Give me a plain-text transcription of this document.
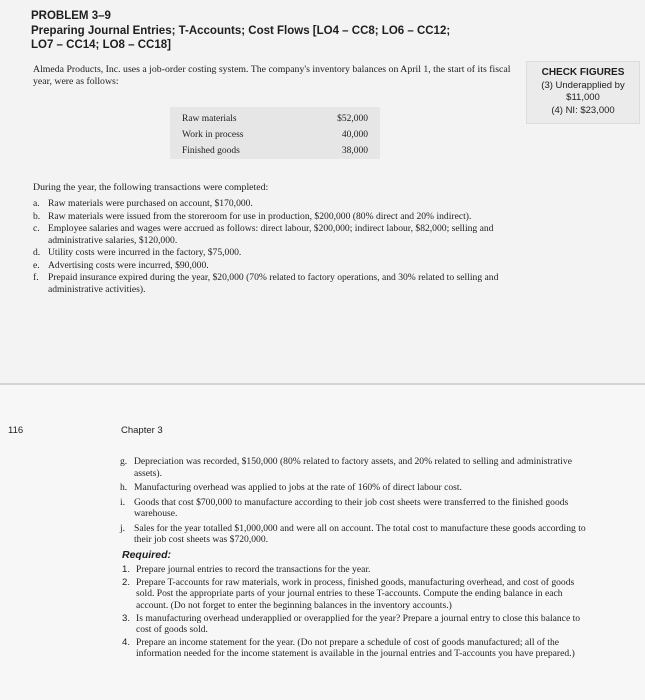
PROBLEM 3–9
Preparing Journal Entries; T-Accounts; Cost Flows [LO4 – CC8; LO6 – CC12;
LO7 – CC14; LO8 – CC18]
Almeda Products, Inc. uses a job-order costing system. The company's inventory balances on April 1, the start of its fiscal year, were as follows:
CHECK FIGURES
(3) Underapplied by
$11,000
(4) NI: $23,000
Raw materials	$52,000
Work in process	40,000
Finished goods	38,000
During the year, the following transactions were completed:
a. Raw materials were purchased on account, $170,000.
b. Raw materials were issued from the storeroom for use in production, $200,000 (80% direct and 20% indirect).
c. Employee salaries and wages were accrued as follows: direct labour, $200,000; indirect labour, $82,000; selling and administrative salaries, $120,000.
d. Utility costs were incurred in the factory, $75,000.
e. Advertising costs were incurred, $90,000.
f. Prepaid insurance expired during the year, $20,000 (70% related to factory operations, and 30% related to selling and administrative activities).
116	Chapter 3
g. Depreciation was recorded, $150,000 (80% related to factory assets, and 20% related to selling and administrative assets).
h. Manufacturing overhead was applied to jobs at the rate of 160% of direct labour cost.
i. Goods that cost $700,000 to manufacture according to their job cost sheets were transferred to the finished goods warehouse.
j. Sales for the year totalled $1,000,000 and were all on account. The total cost to manufacture these goods according to their job cost sheets was $720,000.
Required:
1. Prepare journal entries to record the transactions for the year.
2. Prepare T-accounts for raw materials, work in process, finished goods, manufacturing overhead, and cost of goods sold. Post the appropriate parts of your journal entries to these T-accounts. Compute the ending balance in each account. (Do not forget to enter the beginning balances in the inventory accounts.)
3. Is manufacturing overhead underapplied or overapplied for the year? Prepare a journal entry to close this balance to cost of goods sold.
4. Prepare an income statement for the year. (Do not prepare a schedule of cost of goods manufactured; all of the information needed for the income statement is available in the journal entries and T-accounts you have prepared.)
